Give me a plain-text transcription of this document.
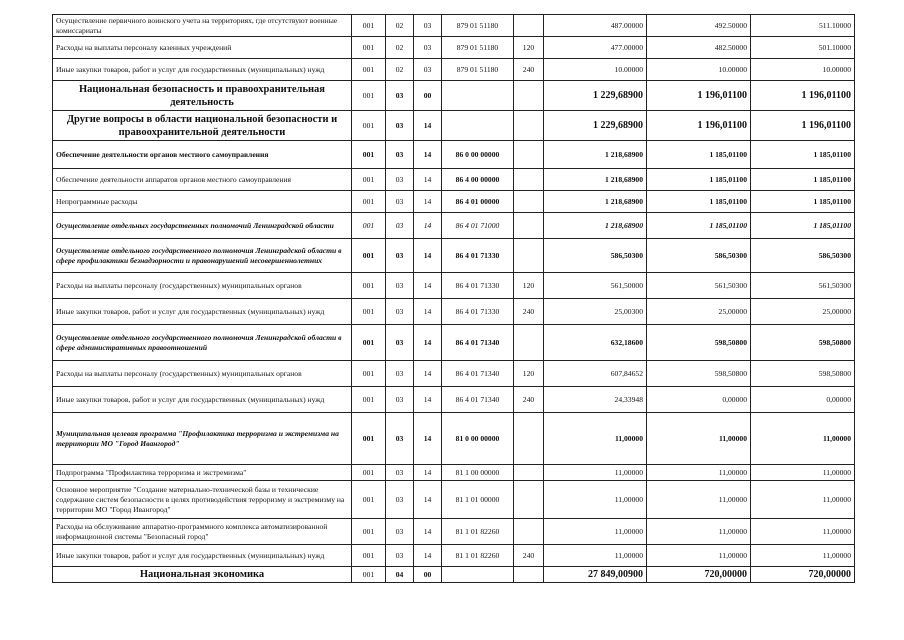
Осуществление первичного воинского учета на территориях, где отсутствуют военные комиссариаты	001	02	03	879 01 51180		487.00000	492.50000	511.10000
Расходы на выплаты персоналу казенных учреждений	001	02	03	879 01 51180	120	477.00000	482.50000	501.10000
Иные закупки товаров, работ и услуг для государственных (муниципальных) нужд	001	02	03	879 01 51180	240	10.00000	10.00000	10.00000
Национальная безопасность и правоохранительная деятельность	001	03	00			1 229,68900	1 196,01100	1 196,01100
Другие вопросы в области национальной безопасности и правоохранительной деятельности	001	03	14			1 229,68900	1 196,01100	1 196,01100
Обеспечение деятельности органов местного самоуправления	001	03	14	86 0 00 00000		1 218,68900	1 185,01100	1 185,01100
Обеспечение деятельности аппаратов органов местного самоуправления	001	03	14	86 4 00 00000		1 218,68900	1 185,01100	1 185,01100
Непрограммные расходы	001	03	14	86 4 01 00000		1 218,68900	1 185,01100	1 185,01100
Осуществление отдельных государственных полномочий Ленинградской области	001	03	14	86 4 01 71000		1 218,68900	1 185,01100	1 185,01100
Осуществление отдельного государственного полномочия Ленинградской области в сфере профилактики безнадзорности и правонарушений несовершеннолетних	001	03	14	86 4 01 71330		586,50300	586,50300	586,50300
Расходы на выплаты персоналу (государственных) муниципальных органов	001	03	14	86 4 01 71330	120	561,50000	561,50300	561,50300
Иные закупки товаров, работ и услуг для государственных (муниципальных) нужд	001	03	14	86 4 01 71330	240	25,00300	25,00000	25,00000
Осуществление отдельного государственного полномочия Ленинградской области в сфере административных правоотношений	001	03	14	86 4 01 71340		632,18600	598,50800	598,50800
Расходы на выплаты персоналу (государственных) муниципальных органов	001	03	14	86 4 01 71340	120	607,84652	598,50800	598,50800
Иные закупки товаров, работ и услуг для государственных (муниципальных) нужд	001	03	14	86 4 01 71340	240	24,33948	0,00000	0,00000
Муниципальная целевая программа "Профилактика терроризма и экстремизма на территории МО "Город Ивангород"	001	03	14	81 0 00 00000		11,00000	11,00000	11,00000
Подпрограмма "Профилактика терроризма и экстремизма"	001	03	14	81 1 00 00000		11,00000	11,00000	11,00000
Основное мероприятие "Создание материально-технической базы и технические содержание систем безопасности в целях противодействия терроризму и экстремизму на территории МО "Город Ивангород"	001	03	14	81 1 01 00000		11,00000	11,00000	11,00000
Расходы на обслуживание аппаратно-программного комплекса автоматизированной информационной системы "Безопасный город"	001	03	14	81 1 01 82260		11,00000	11,00000	11,00000
Иные закупки товаров, работ и услуг для государственных (муниципальных) нужд	001	03	14	81 1 01 82260	240	11,00000	11,00000	11,00000
Национальная экономика	001	04	00			27 849,00900	720,00000	720,00000
